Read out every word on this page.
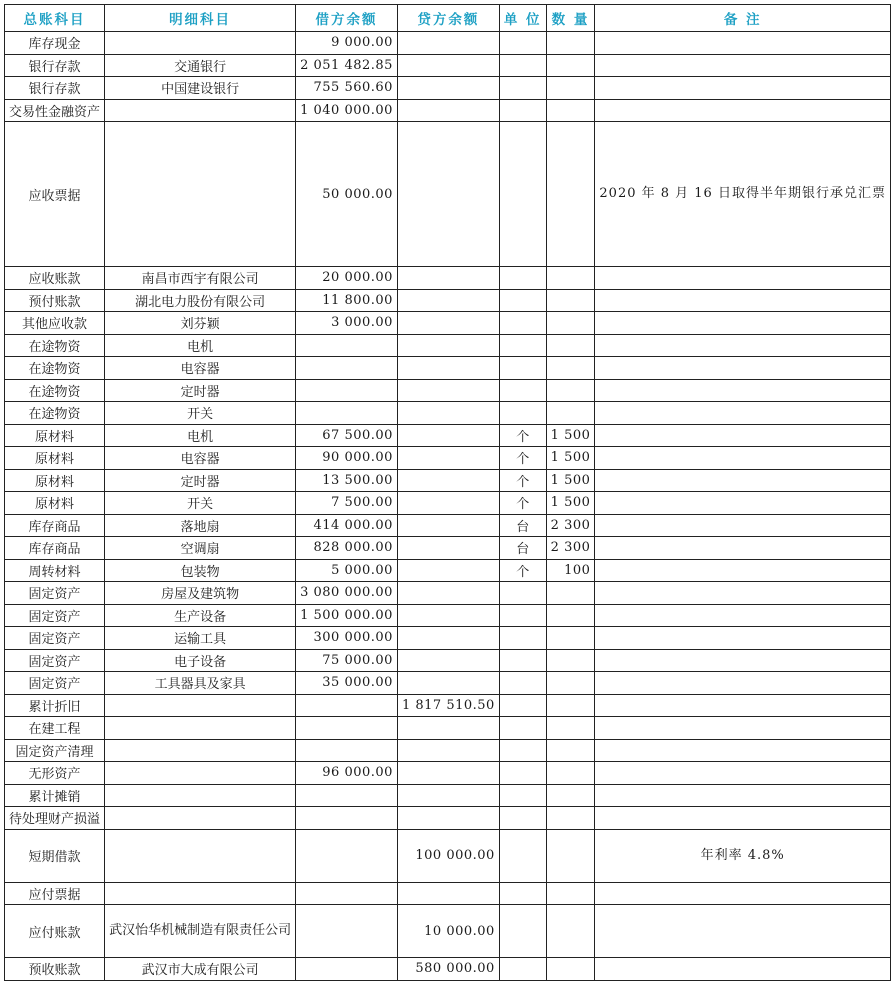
总账科目	明细科目	借方余额	贷方余额	单 位	数 量	备 注
库存现金		9 000.00				
银行存款	交通银行	2 051 482.85				
银行存款	中国建设银行	755 560.60				
交易性金融资产		1 040 000.00				
应收票据		50 000.00				2020 年 8 月 16 日取得半年期银行承兑汇票
应收账款	南昌市西宇有限公司	20 000.00				
预付账款	湖北电力股份有限公司	11 800.00				
其他应收款	刘芬颖	3 000.00				
在途物资	电机					
在途物资	电容器					
在途物资	定时器					
在途物资	开关					
原材料	电机	67 500.00		个	1 500	
原材料	电容器	90 000.00		个	1 500	
原材料	定时器	13 500.00		个	1 500	
原材料	开关	7 500.00		个	1 500	
库存商品	落地扇	414 000.00		台	2 300	
库存商品	空调扇	828 000.00		台	2 300	
周转材料	包装物	5 000.00		个	100	
固定资产	房屋及建筑物	3 080 000.00				
固定资产	生产设备	1 500 000.00				
固定资产	运输工具	300 000.00				
固定资产	电子设备	75 000.00				
固定资产	工具器具及家具	35 000.00				
累计折旧			1 817 510.50			
在建工程						
固定资产清理						
无形资产		96 000.00				
累计摊销						
待处理财产损溢						
短期借款			100 000.00			年利率 4.8%
应付票据						
应付账款	武汉怡华机械制造有限责任公司		10 000.00			
预收账款	武汉市大成有限公司		580 000.00			
